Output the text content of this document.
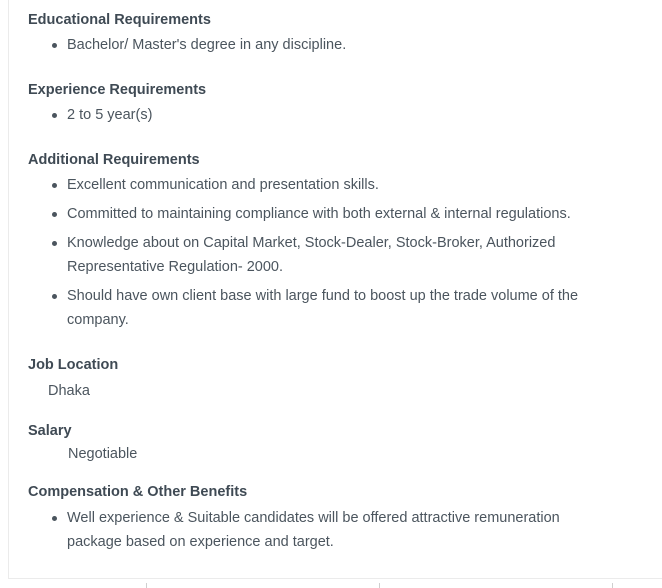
Educational Requirements
Bachelor/ Master's degree in any discipline.
Experience Requirements
2 to 5 year(s)
Additional Requirements
Excellent communication and presentation skills.
Committed to maintaining compliance with both external & internal regulations.
Knowledge about on Capital Market, Stock-Dealer, Stock-Broker, Authorized Representative Regulation- 2000.
Should have own client base with large fund to boost up the trade volume of the company.
Job Location
Dhaka
Salary
Negotiable
Compensation & Other Benefits
Well experience & Suitable candidates will be offered attractive remuneration package based on experience and target.
